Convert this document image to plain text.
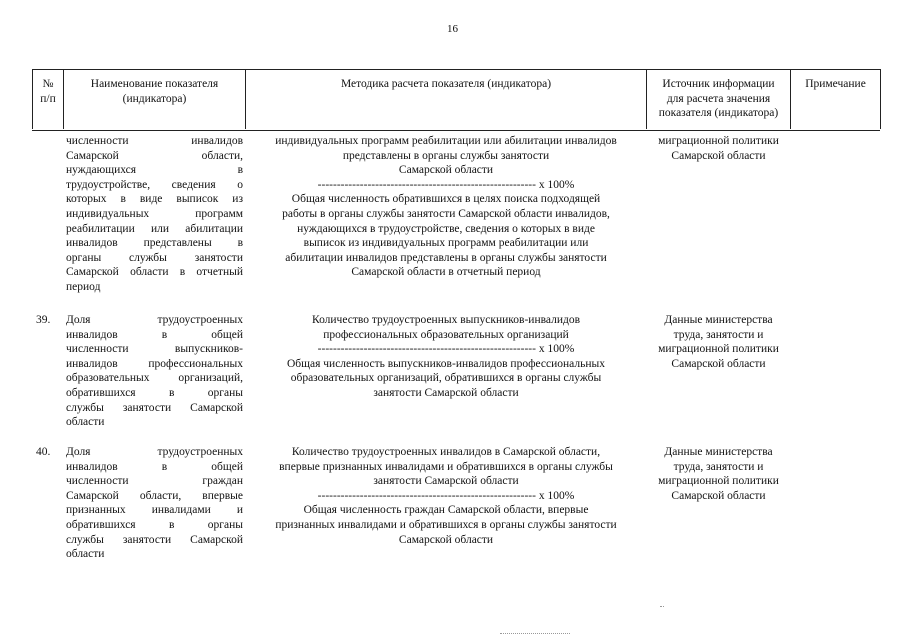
16
№
п/п
Наименование показателя
(индикатора)
Методика расчета показателя (индикатора)	Источник информации
для расчета значения
показателя (индикатора)
Примечание
численности инвалидов
Самарской области,
нуждающихся в
трудоустройстве, сведения о
которых в виде выписок из
индивидуальных программ
реабилитации или абилитации
инвалидов представлены в
органы службы занятости
Самарской области в отчетный
период
индивидуальных программ реабилитации или абилитации инвалидов
представлены в органы службы занятости
Самарской области
--------------------------------------------------------- x 100%
Общая численность обратившихся в целях поиска подходящей
работы в органы службы занятости Самарской области инвалидов,
нуждающихся в трудоустройстве, сведения о которых в виде
выписок из индивидуальных программ реабилитации или
абилитации инвалидов представлены в органы службы занятости
Самарской области в отчетный период
миграционной политики
Самарской области
39. Доля трудоустроенных
инвалидов в общей
численности выпускников-
инвалидов профессиональных
образовательных организаций,
обратившихся в органы
службы занятости Самарской
области
Количество трудоустроенных выпускников-инвалидов
профессиональных образовательных организаций
--------------------------------------------------------- x 100%
Общая численность выпускников-инвалидов профессиональных
образовательных организаций, обратившихся в органы службы
занятости Самарской области
Данные министерства
труда, занятости и
миграционной политики
Самарской области
40. Доля трудоустроенных
инвалидов в общей
численности граждан
Самарской области, впервые
признанных инвалидами и
обратившихся в органы
службы занятости Самарской
области
Количество трудоустроенных инвалидов в Самарской области,
впервые признанных инвалидами и обратившихся в органы службы
занятости Самарской области
--------------------------------------------------------- x 100%
Общая численность граждан Самарской области, впервые
признанных инвалидами и обратившихся в органы службы занятости
Самарской области
Данные министерства
труда, занятости и
миграционной политики
Самарской области
